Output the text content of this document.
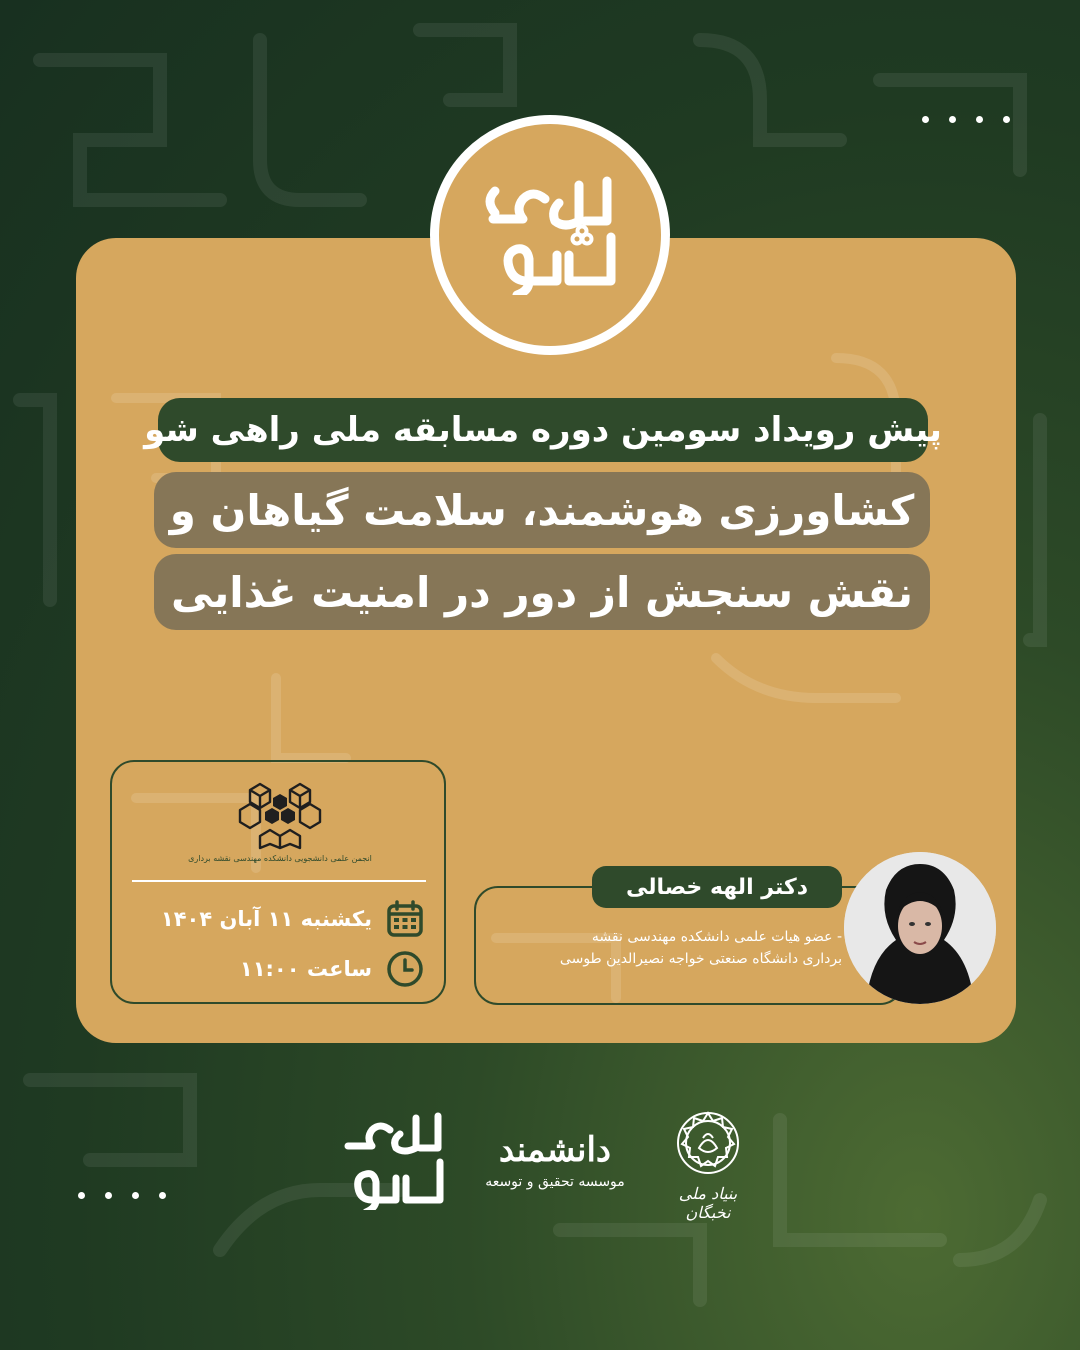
پیش رویداد سومین دوره مسابقه ملی راهی شو
کشاورزی هوشمند، سلامت گیاهان و
نقش سنجش از دور در امنیت غذایی
انجمن علمی دانشجویی دانشکده مهندسی نقشه برداری
یکشنبه ۱۱ آبان ۱۴۰۴
ساعت ۱۱:۰۰
دکتر الهه خصالی
- عضو هیات علمی دانشکده مهندسی نقشه
برداری دانشگاه صنعتی خواجه نصیرالدین طوسی
دانشمند
موسسه تحقیق و توسعه
بنیاد ملی نخبگان
